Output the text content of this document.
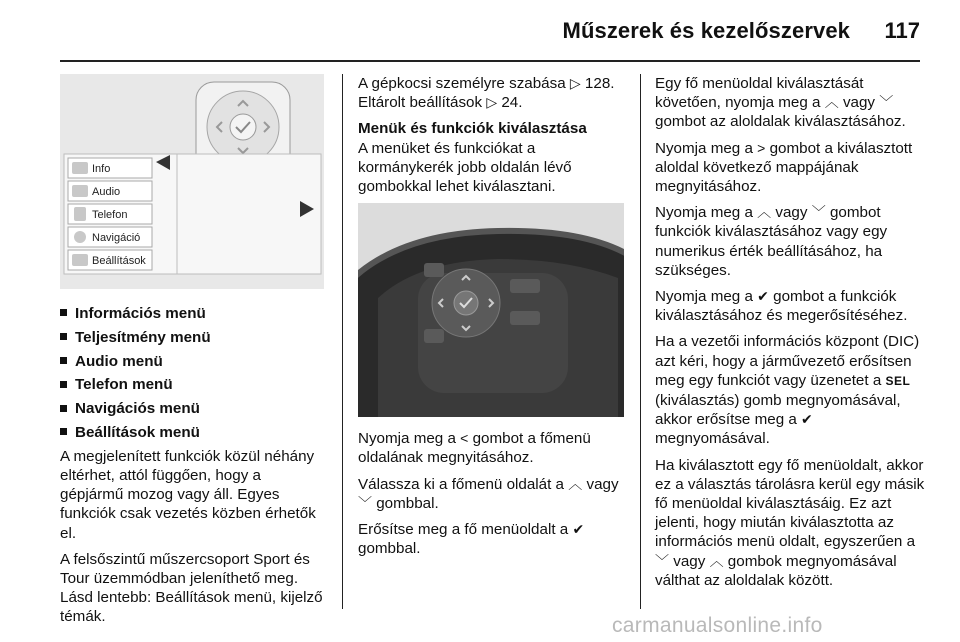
Műszerek és kezelőszervek 117
Info
Audio
Telefon
Navigáció
Beállítások
Információs menü
Teljesítmény menü
Audio menü
Telefon menü
Navigációs menü
Beállítások menü

A megjelenített funkciók közül néhány eltérhet, attól függően, hogy a gépjármű mozog vagy áll. Egyes funkciók csak vezetés közben érhetők el.

A felsőszintű műszercsoport Sport és Tour üzemmódban jeleníthető meg. Lásd lentebb: Beállítások menü, kijelző témák.

A gépkocsi személyre szabása ▷ 128. Eltárolt beállítások ▷ 24.

Menük és funkciók kiválasztása

A menüket és funkciókat a kormánykerék jobb oldalán lévő gombokkal lehet kiválasztani.

Nyomja meg a < gombot a főmenü oldalának megnyitásához.

Válassza ki a főmenü oldalát a ︿ vagy ﹀ gombbal.

Erősítse meg a fő menüoldalt a ✔ gombbal.

Egy fő menüoldal kiválasztását követően, nyomja meg a ︿ vagy ﹀ gombot az aloldalak kiválasztásához.

Nyomja meg a > gombot a kiválasztott aloldal következő mappájának megnyitásához.

Nyomja meg a ︿ vagy ﹀ gombot funkciók kiválasztásához vagy egy numerikus érték beállításához, ha szükséges.

Nyomja meg a ✔ gombot a funkciók kiválasztásához és megerősítéséhez.

Ha a vezetői információs központ (DIC) azt kéri, hogy a járművezető erősítsen meg egy funkciót vagy üzenetet a SEL (kiválasztás) gomb megnyomásával, akkor erősítse meg a ✔ megnyomásával.

Ha kiválasztott egy fő menüoldalt, akkor ez a választás tárolásra kerül egy másik fő menüoldal kiválasztásáig. Ez azt jelenti, hogy miután kiválasztotta az információs menü oldalt, egyszerűen a ﹀ vagy ︿ gombok megnyomásával válthat az aloldalak között.

carmanualsonline.info
